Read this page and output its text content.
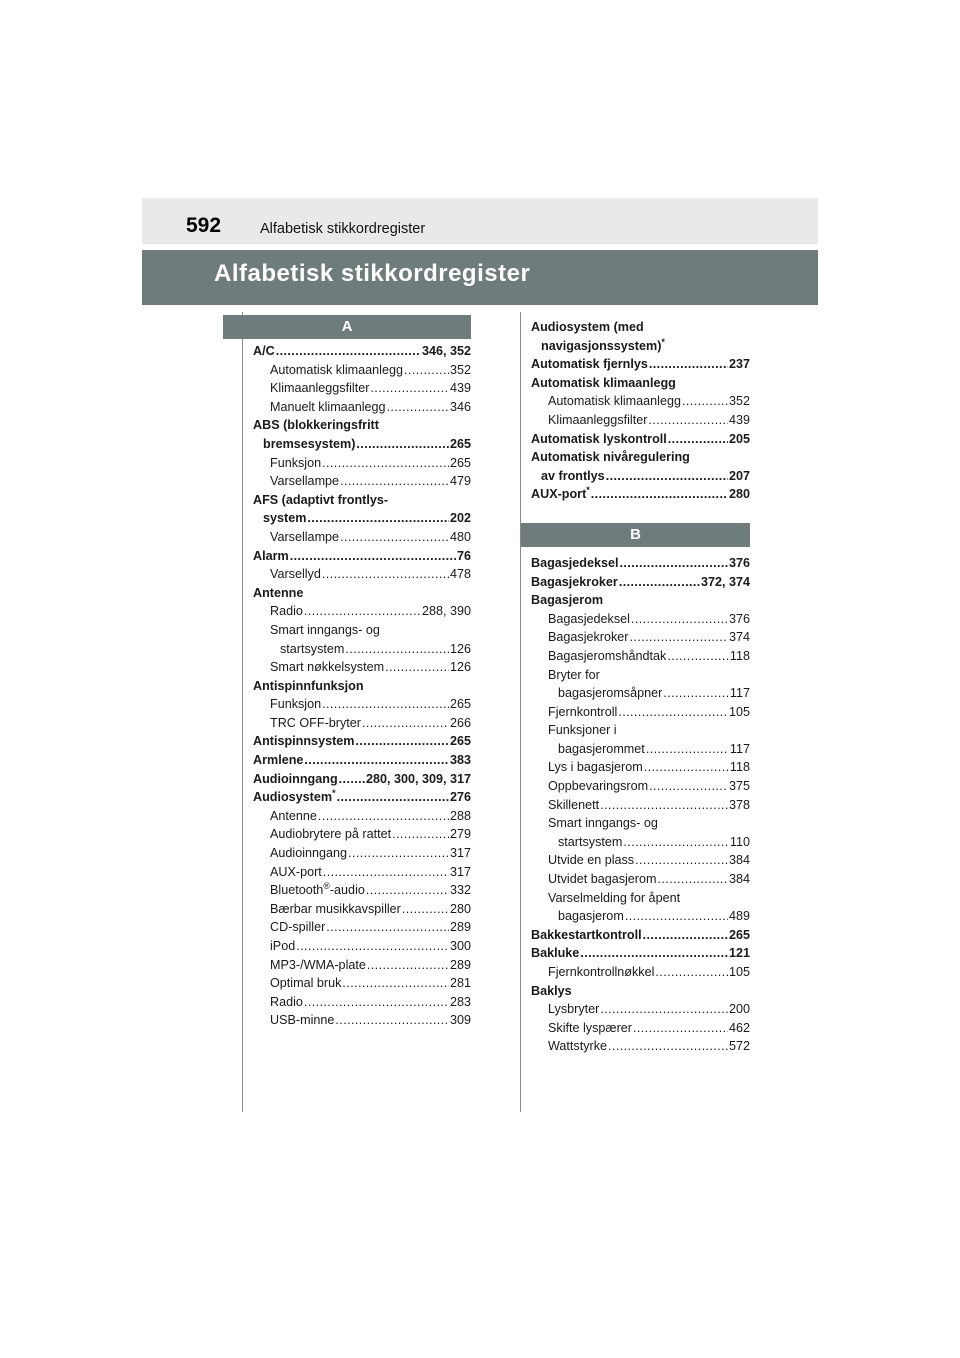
592	Alfabetisk stikkordregister
Alfabetisk stikkordregister
A
A/C .....	346, 352
Automatisk klimaanlegg .....	352
Klimaanleggsfilter .....	439
Manuelt klimaanlegg .....	346
ABS (blokkeringsfritt
bremsesystem) .....	265
Funksjon .....	265
Varsellampe .....	479
AFS (adaptivt frontlys-
system .....	202
Varsellampe .....	480
Alarm .....	76
Varsellyd .....	478
Antenne
Radio .....	288, 390
Smart inngangs- og
startsystem .....	126
Smart nøkkelsystem .....	126
Antispinnfunksjon
Funksjon .....	265
TRC OFF-bryter .....	266
Antispinnsystem .....	265
Armlene .....	383
Audioinngang ..... 280, 300, 309, 317
Audiosystem* .....	276
Antenne .....	288
Audiobrytere på rattet .....	279
Audioinngang .....	317
AUX-port .....	317
Bluetooth®-audio .....	332
Bærbar musikkavspiller .....	280
CD-spiller .....	289
iPod .....	300
MP3-/WMA-plate .....	289
Optimal bruk .....	281
Radio .....	283
USB-minne .....	309
Audiosystem (med
navigasjonssystem)*
Automatisk fjernlys .....	237
Automatisk klimaanlegg
Automatisk klimaanlegg .....	352
Klimaanleggsfilter .....	439
Automatisk lyskontroll .....	205
Automatisk nivåregulering
av frontlys .....	207
AUX-port* .....	280
B
Bagasjedeksel .....	376
Bagasjekroker .....	372, 374
Bagasjerom
Bagasjedeksel .....	376
Bagasjekroker .....	374
Bagasjeromshåndtak .....	118
Bryter for
bagasjeromsåpner .....	117
Fjernkontroll .....	105
Funksjoner i
bagasjerommet .....	117
Lys i bagasjerom .....	118
Oppbevaringsrom .....	375
Skillenett .....	378
Smart inngangs- og
startsystem .....	110
Utvide en plass .....	384
Utvidet bagasjerom .....	384
Varselmelding for åpent
bagasjerom .....	489
Bakkestartkontroll .....	265
Bakluke .....	121
Fjernkontrollnøkkel .....	105
Baklys
Lysbryter .....	200
Skifte lyspærer .....	462
Wattstyrke .....	572
